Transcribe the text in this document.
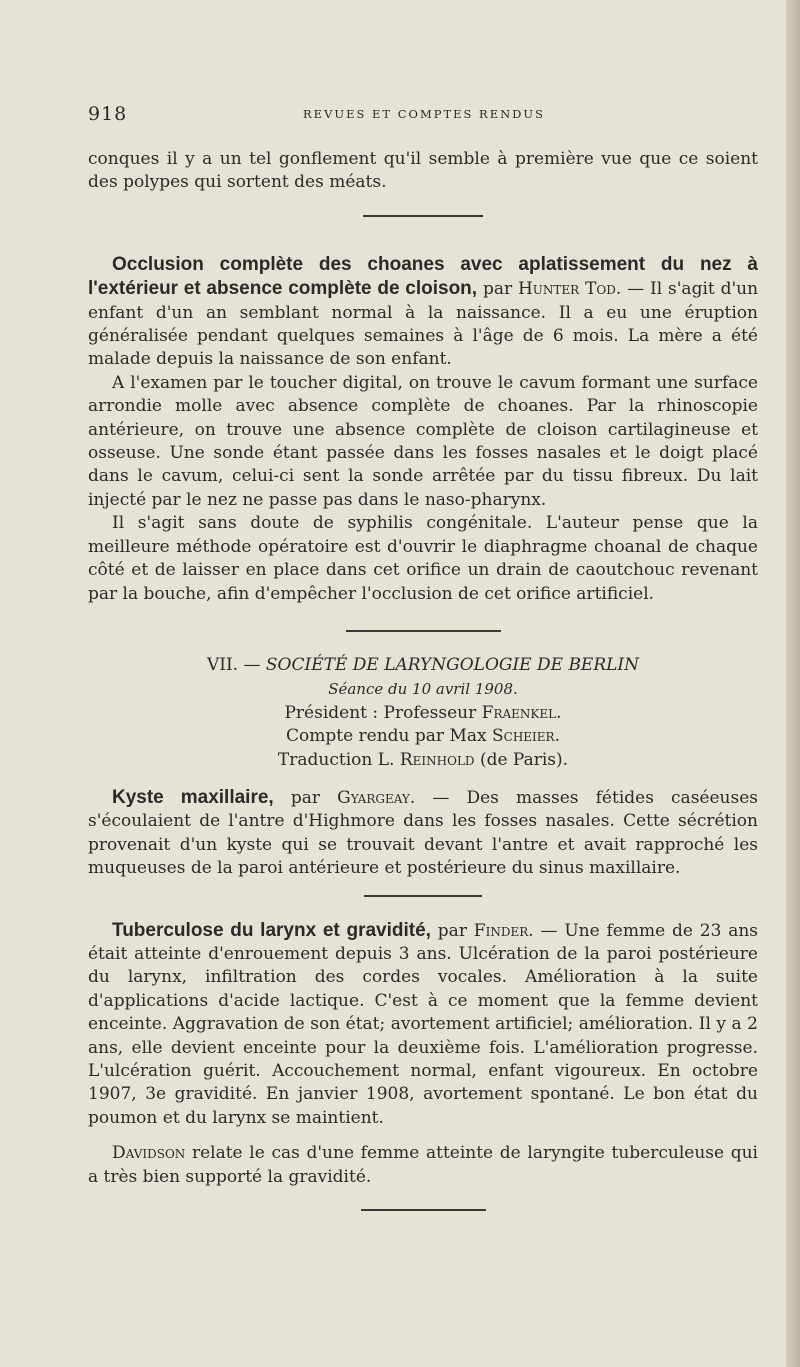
918	REVUES ET COMPTES RENDUS

conques il y a un tel gonflement qu'il semble à première vue que ce soient des polypes qui sortent des méats.

Occlusion complète des choanes avec aplatissement du nez à l'extérieur et absence complète de cloison, par Hunter Tod. — Il s'agit d'un enfant d'un an semblant normal à la naissance. Il a eu une éruption généralisée pendant quelques semaines à l'âge de 6 mois. La mère a été malade depuis la naissance de son enfant.

A l'examen par le toucher digital, on trouve le cavum formant une surface arrondie molle avec absence complète de choanes. Par la rhinoscopie antérieure, on trouve une absence complète de cloison cartilagineuse et osseuse. Une sonde étant passée dans les fosses nasales et le doigt placé dans le cavum, celui-ci sent la sonde arrêtée par du tissu fibreux. Du lait injecté par le nez ne passe pas dans le naso-pharynx.

Il s'agit sans doute de syphilis congénitale. L'auteur pense que la meilleure méthode opératoire est d'ouvrir le diaphragme choanal de chaque côté et de laisser en place dans cet orifice un drain de caoutchouc revenant par la bouche, afin d'empêcher l'occlusion de cet orifice artificiel.

VII. — SOCIÉTÉ DE LARYNGOLOGIE DE BERLIN
Séance du 10 avril 1908.
Président : Professeur Fraenkel.
Compte rendu par Max Scheier.
Traduction L. Reinhold (de Paris).

Kyste maxillaire, par Gyargeay. — Des masses fétides caséeuses s'écoulaient de l'antre d'Highmore dans les fosses nasales. Cette sécrétion provenait d'un kyste qui se trouvait devant l'antre et avait rapproché les muqueuses de la paroi antérieure et postérieure du sinus maxillaire.

Tuberculose du larynx et gravidité, par Finder. — Une femme de 23 ans était atteinte d'enrouement depuis 3 ans. Ulcération de la paroi postérieure du larynx, infiltration des cordes vocales. Amélioration à la suite d'applications d'acide lactique. C'est à ce moment que la femme devient enceinte. Aggravation de son état; avortement artificiel; amélioration. Il y a 2 ans, elle devient enceinte pour la deuxième fois. L'amélioration progresse. L'ulcération guérit. Accouchement normal, enfant vigoureux. En octobre 1907, 3e gravidité. En janvier 1908, avortement spontané. Le bon état du poumon et du larynx se maintient.

Davidson relate le cas d'une femme atteinte de laryngite tuberculeuse qui a très bien supporté la gravidité.
